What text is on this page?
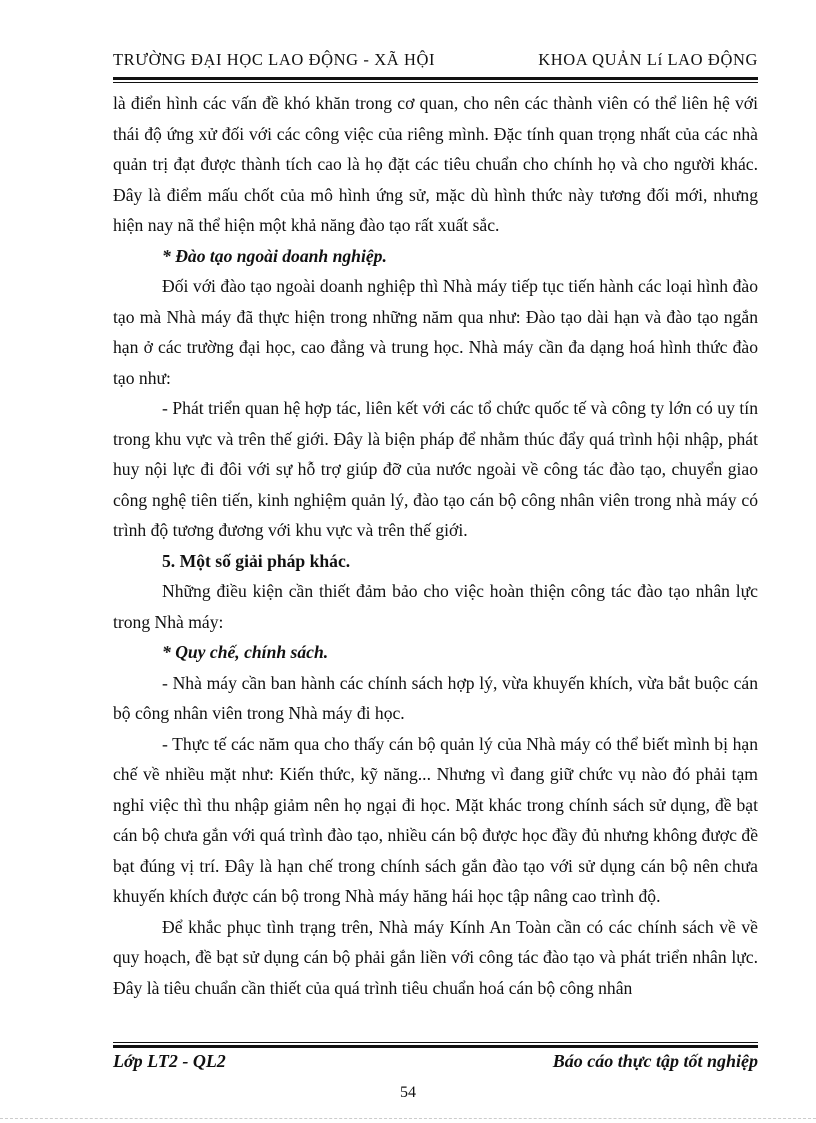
TRƯỜNG ĐẠI HỌC LAO ĐỘNG - XÃ HỘI	KHOA QUẢN Lí LAO ĐỘNG

là điển hình các vấn đề khó khăn trong cơ quan, cho nên các thành viên có thể liên hệ với thái độ ứng xử đối với các công việc của riêng mình. Đặc tính quan trọng nhất của các nhà quản trị đạt được thành tích cao là họ đặt các tiêu chuẩn cho chính họ và cho người khác. Đây là điểm mấu chốt của mô hình ứng sử, mặc dù hình thức này tương đối mới, nhưng hiện nay nã thể hiện một khả năng đào tạo rất xuất sắc.

* Đào tạo ngoài doanh nghiệp.

Đối với đào tạo ngoài doanh nghiệp thì Nhà máy tiếp tục tiến hành các loại hình đào tạo mà Nhà máy đã thực hiện trong những năm qua như: Đào tạo dài hạn và đào tạo ngắn hạn ở các trường đại học, cao đẳng và trung học. Nhà máy cần đa dạng hoá hình thức đào tạo như:

- Phát triển quan hệ hợp tác, liên kết với các tổ chức quốc tế và công ty lớn có uy tín trong khu vực và trên thế giới. Đây là biện pháp để nhằm thúc đẩy quá trình hội nhập, phát huy nội lực đi đôi với sự hỗ trợ giúp đỡ của nước ngoài về công tác đào tạo, chuyển giao công nghệ tiên tiến, kinh nghiệm quản lý, đào tạo cán bộ công nhân viên trong nhà máy có trình độ tương đương với khu vực và trên thế giới.

5. Một số giải pháp khác.

Những điều kiện cần thiết đảm bảo cho việc hoàn thiện công tác đào tạo nhân lực trong Nhà máy:

* Quy chế, chính sách.

- Nhà máy cần ban hành các chính sách hợp lý, vừa khuyến khích, vừa bắt buộc cán bộ công nhân viên trong Nhà máy đi học.

- Thực tế các năm qua cho thấy cán bộ quản lý của Nhà máy có thể biết mình bị hạn chế về nhiều mặt như: Kiến thức, kỹ năng... Nhưng vì đang giữ chức vụ nào đó phải tạm nghỉ việc thì thu nhập giảm nên họ ngại đi học. Mặt khác trong chính sách sử dụng, đề bạt cán bộ chưa gắn với quá trình đào tạo, nhiều cán bộ được học đầy đủ nhưng không được đề bạt đúng vị trí. Đây là hạn chế trong chính sách gắn đào tạo với sử dụng cán bộ nên chưa khuyến khích được cán bộ trong Nhà máy hăng hái học tập nâng cao trình độ.

Để khắc phục tình trạng trên, Nhà máy Kính An Toàn cần có các chính sách về về quy hoạch, đề bạt sử dụng cán bộ phải gắn liền với công tác đào tạo và phát triển nhân lực. Đây là tiêu chuẩn cần thiết của quá trình tiêu chuẩn hoá cán bộ công nhân

Lớp LT2 - QL2	Báo cáo thực tập tốt nghiệp
54
